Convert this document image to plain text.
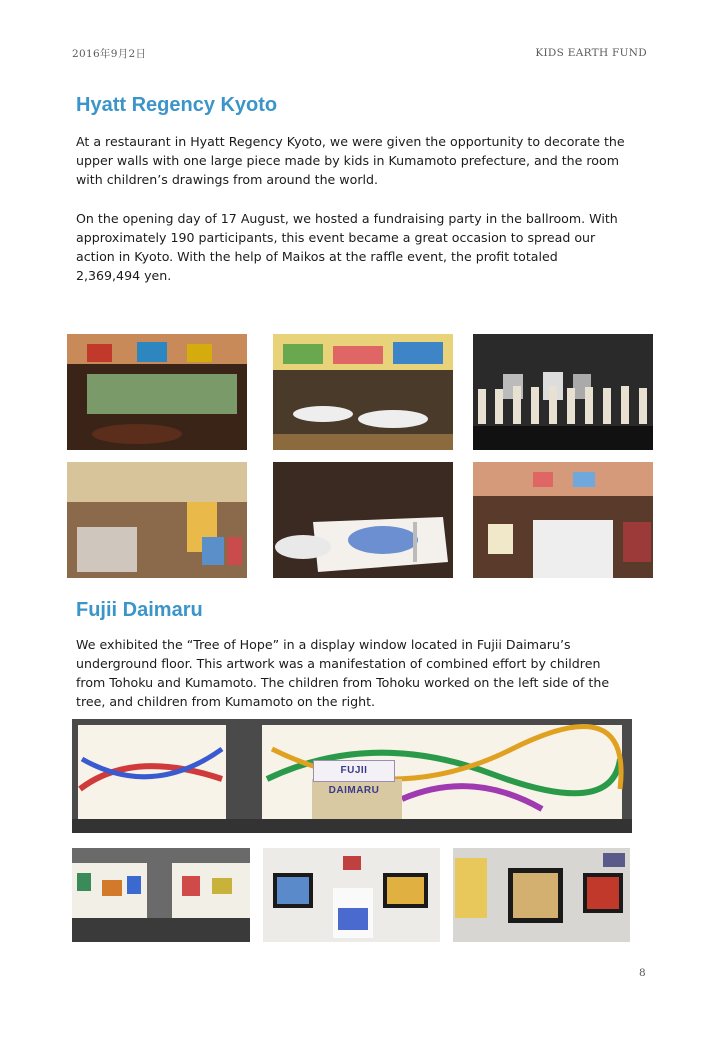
2016年9月2日	KIDS EARTH FUND
Hyatt Regency Kyoto

At a restaurant in Hyatt Regency Kyoto, we were given the opportunity to decorate the
upper walls with one large piece made by kids in Kumamoto prefecture, and the room
with children’s drawings from around the world.

On the opening day of 17 August, we hosted a fundraising party in the ballroom. With
approximately 190 participants, this event became a great occasion to spread our
action in Kyoto. With the help of Maikos at the raffle event, the profit totaled
2,369,494 yen.

Fujii Daimaru

We exhibited the “Tree of Hope” in a display window located in Fujii Daimaru’s
underground floor. This artwork was a manifestation of combined effort by children
from Tohoku and Kumamoto. The children from Tohoku worked on the left side of the
tree, and children from Kumamoto on the right.

FUJII DAIMARU
8
